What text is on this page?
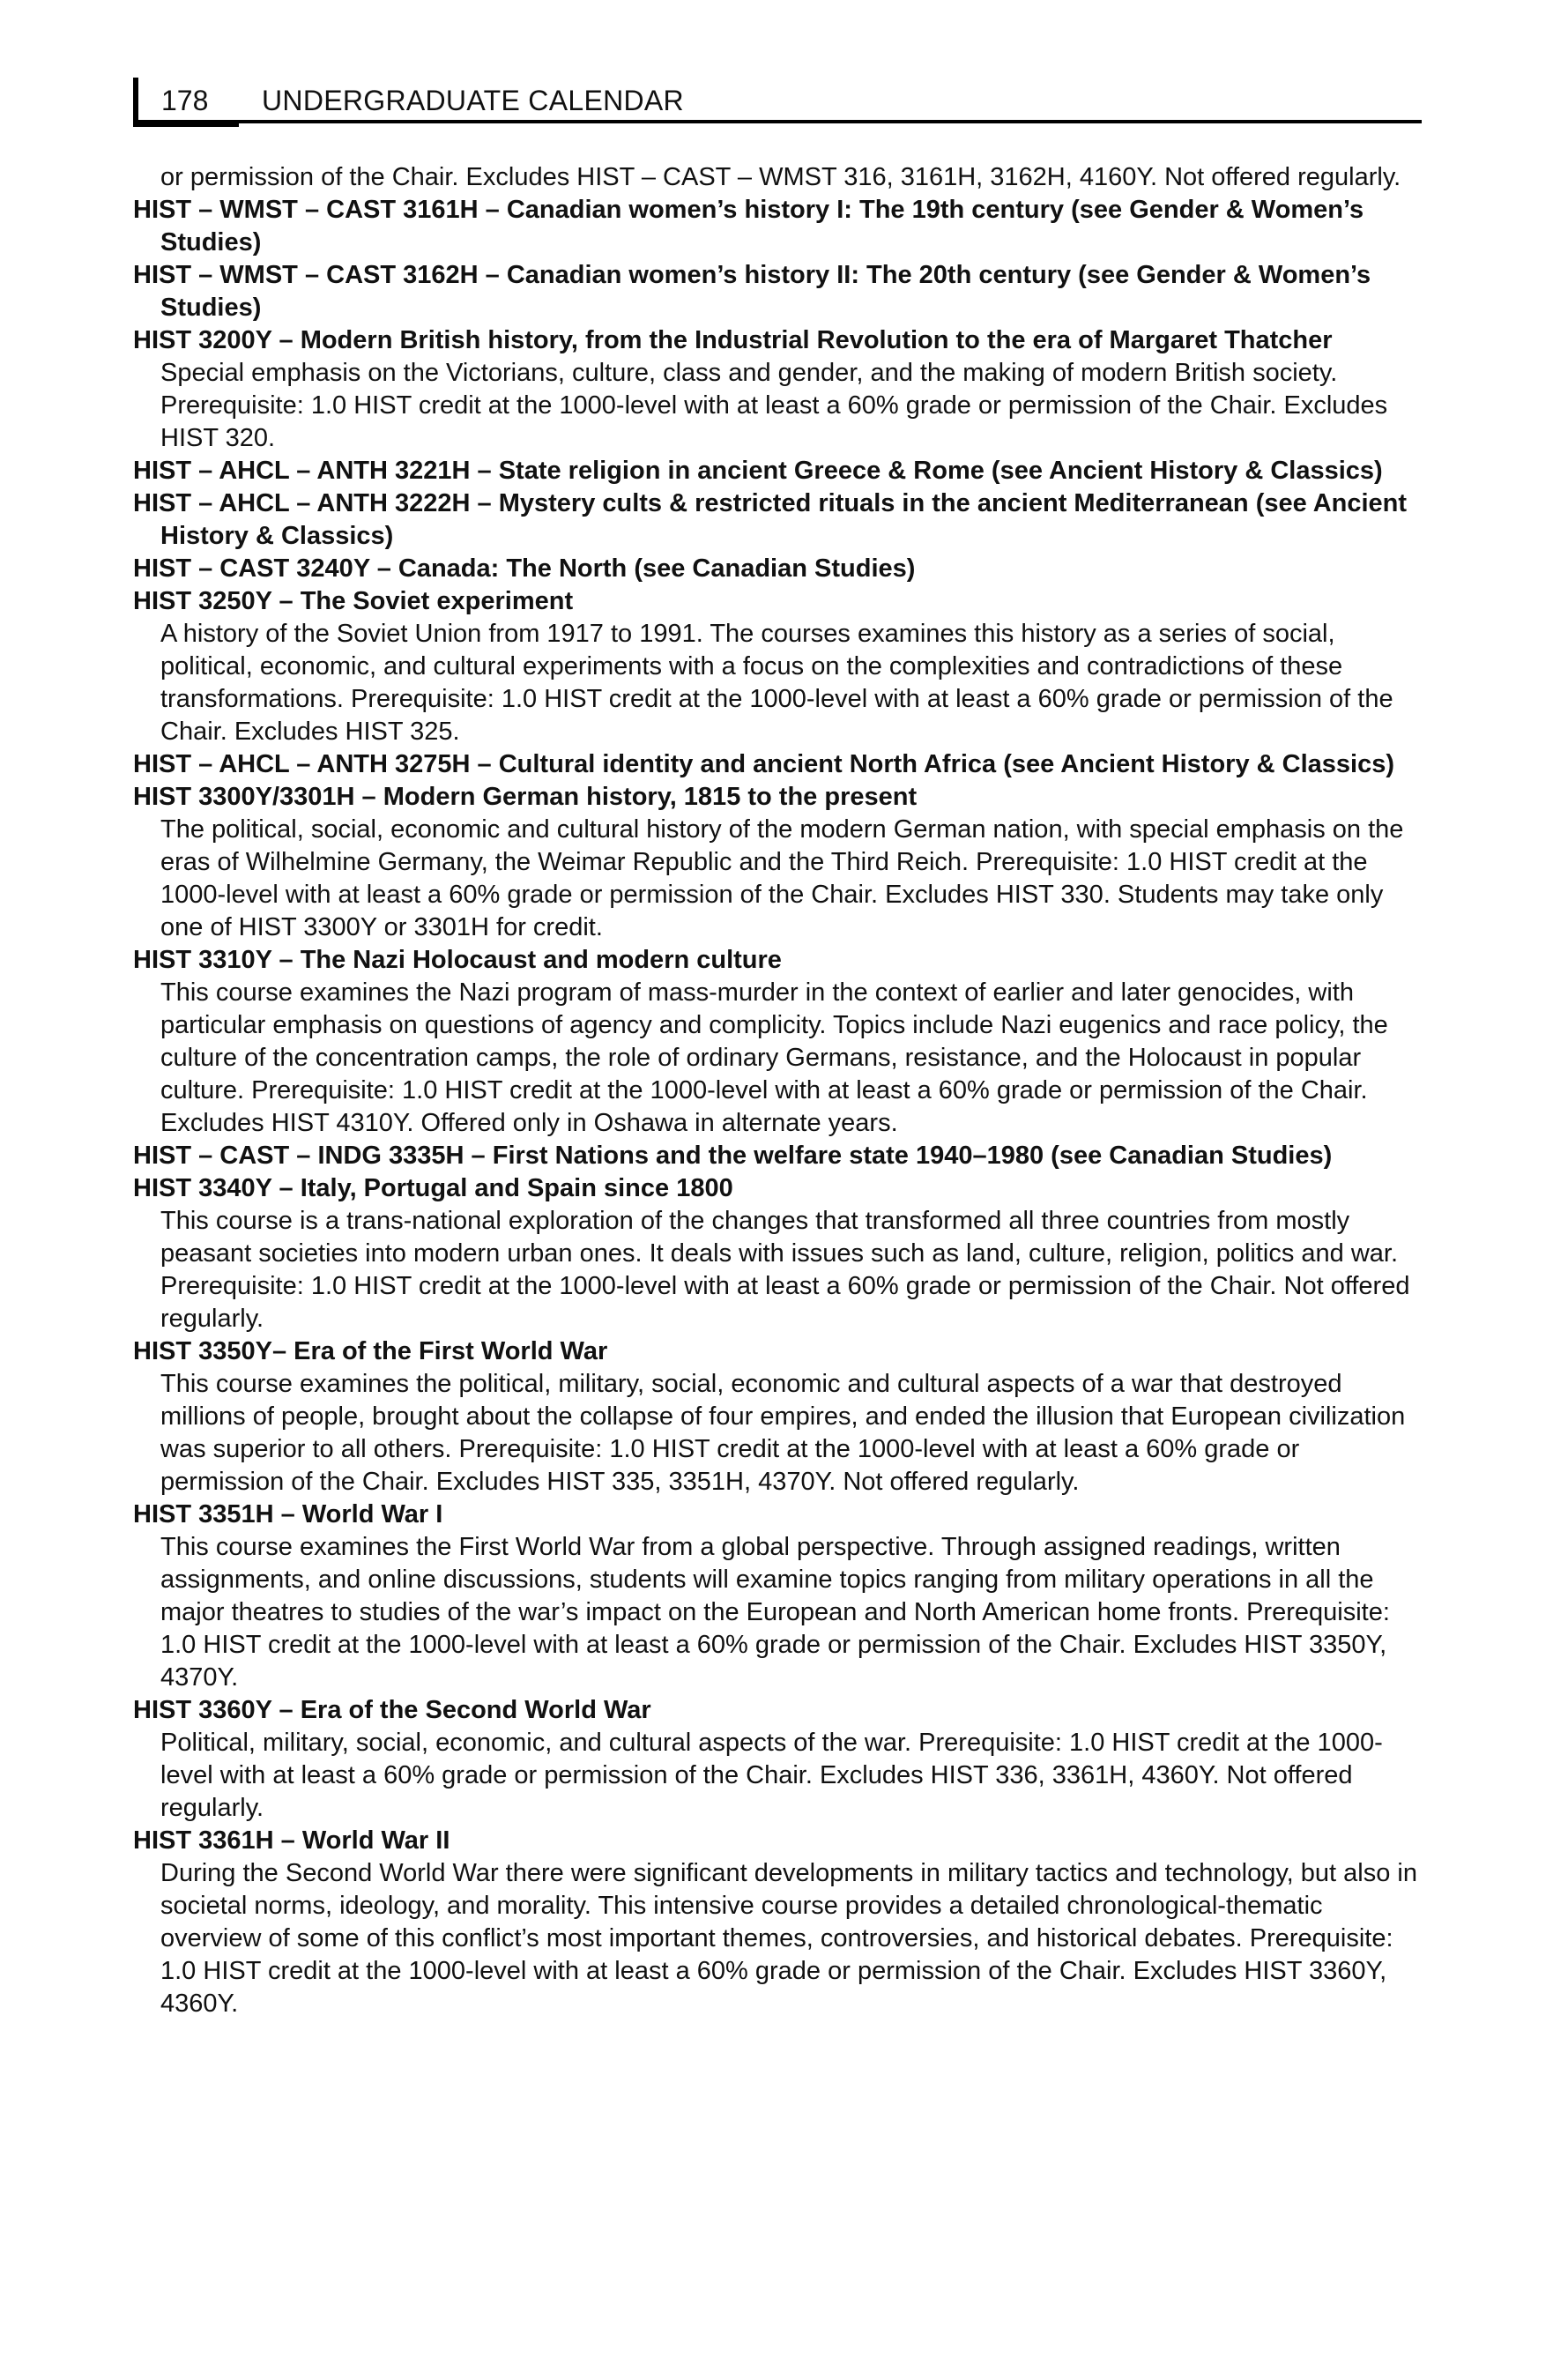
178 UNDERGRADUATE CALENDAR
or permission of the Chair. Excludes HIST – CAST – WMST 316, 3161H, 3162H, 4160Y. Not offered regularly.
HIST – WMST – CAST 3161H – Canadian women’s history I: The 19th century (see Gender & Women’s Studies)
HIST – WMST – CAST 3162H – Canadian women’s history II: The 20th century (see Gender & Women’s Studies)
HIST 3200Y – Modern British history, from the Industrial Revolution to the era of Margaret Thatcher
Special emphasis on the Victorians, culture, class and gender, and the making of modern British society. Prerequisite: 1.0 HIST credit at the 1000-level with at least a 60% grade or permission of the Chair. Excludes HIST 320.
HIST – AHCL – ANTH 3221H – State religion in ancient Greece & Rome (see Ancient History & Classics)
HIST – AHCL – ANTH 3222H – Mystery cults & restricted rituals in the ancient Mediterranean (see Ancient History & Classics)
HIST – CAST 3240Y – Canada: The North (see Canadian Studies)
HIST 3250Y – The Soviet experiment
A history of the Soviet Union from 1917 to 1991. The courses examines this history as a series of social, political, economic, and cultural experiments with a focus on the complexities and contradictions of these transformations. Prerequisite: 1.0 HIST credit at the 1000-level with at least a 60% grade or permission of the Chair. Excludes HIST 325.
HIST – AHCL – ANTH 3275H – Cultural identity and ancient North Africa (see Ancient History & Classics)
HIST 3300Y/3301H – Modern German history, 1815 to the present
The political, social, economic and cultural history of the modern German nation, with special emphasis on the eras of Wilhelmine Germany, the Weimar Republic and the Third Reich. Prerequisite: 1.0 HIST credit at the 1000-level with at least a 60% grade or permission of the Chair. Excludes HIST 330. Students may take only one of HIST 3300Y or 3301H for credit.
HIST 3310Y – The Nazi Holocaust and modern culture
This course examines the Nazi program of mass-murder in the context of earlier and later genocides, with particular emphasis on questions of agency and complicity. Topics include Nazi eugenics and race policy, the culture of the concentration camps, the role of ordinary Germans, resistance, and the Holocaust in popular culture. Prerequisite: 1.0 HIST credit at the 1000-level with at least a 60% grade or permission of the Chair. Excludes HIST 4310Y. Offered only in Oshawa in alternate years.
HIST – CAST – INDG 3335H – First Nations and the welfare state 1940–1980 (see Canadian Studies)
HIST 3340Y – Italy, Portugal and Spain since 1800
This course is a trans-national exploration of the changes that transformed all three countries from mostly peasant societies into modern urban ones. It deals with issues such as land, culture, religion, politics and war. Prerequisite: 1.0 HIST credit at the 1000-level with at least a 60% grade or permission of the Chair. Not offered regularly.
HIST 3350Y– Era of the First World War
This course examines the political, military, social, economic and cultural aspects of a war that destroyed millions of people, brought about the collapse of four empires, and ended the illusion that European civilization was superior to all others. Prerequisite: 1.0 HIST credit at the 1000-level with at least a 60% grade or permission of the Chair. Excludes HIST 335, 3351H, 4370Y. Not offered regularly.
HIST 3351H – World War I
This course examines the First World War from a global perspective. Through assigned readings, written assignments, and online discussions, students will examine topics ranging from military operations in all the major theatres to studies of the war’s impact on the European and North American home fronts. Prerequisite: 1.0 HIST credit at the 1000-level with at least a 60% grade or permission of the Chair. Excludes HIST 3350Y, 4370Y.
HIST 3360Y – Era of the Second World War
Political, military, social, economic, and cultural aspects of the war. Prerequisite: 1.0 HIST credit at the 1000-level with at least a 60% grade or permission of the Chair. Excludes HIST 336, 3361H, 4360Y. Not offered regularly.
HIST 3361H – World War II
During the Second World War there were significant developments in military tactics and technology, but also in societal norms, ideology, and morality. This intensive course provides a detailed chronological-thematic overview of some of this conflict’s most important themes, controversies, and historical debates. Prerequisite: 1.0 HIST credit at the 1000-level with at least a 60% grade or permission of the Chair. Excludes HIST 3360Y, 4360Y.
